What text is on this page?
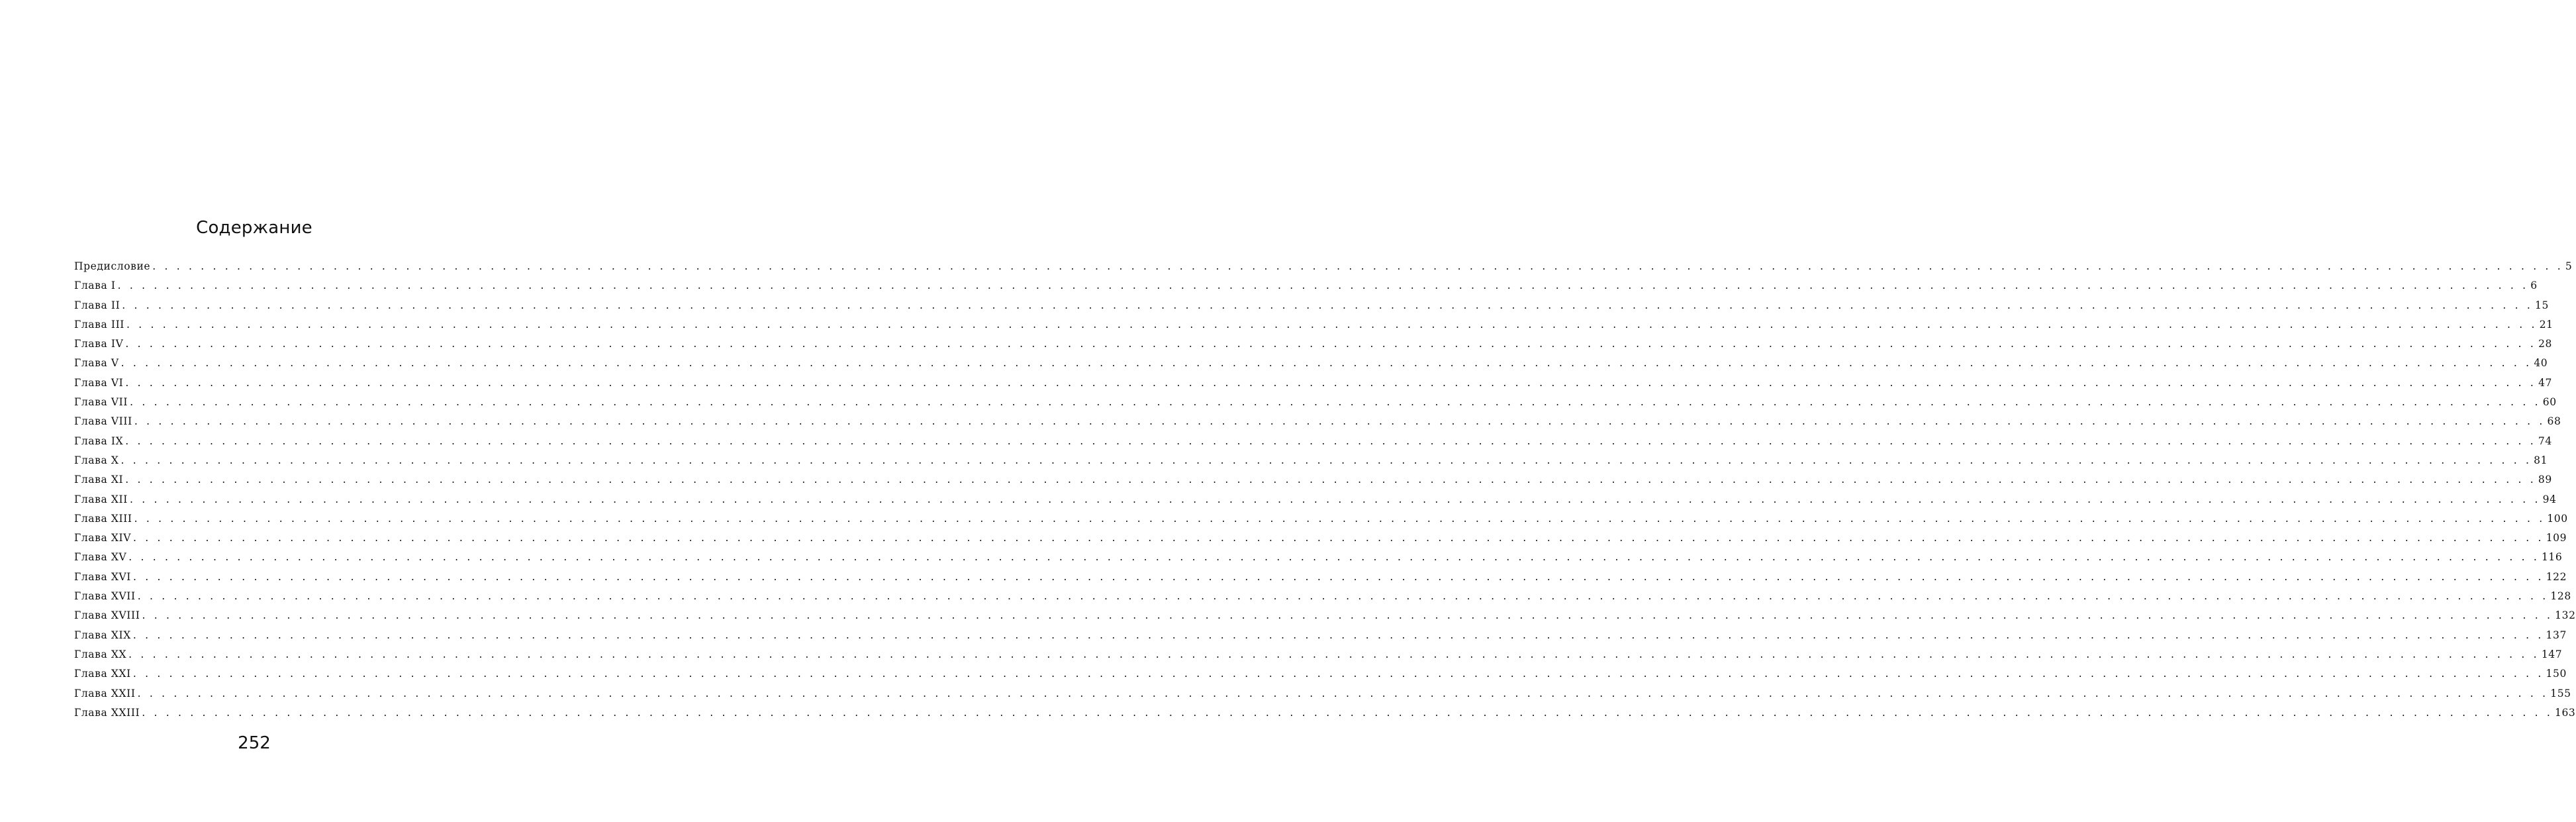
Содержание
Предисловие . . . . . . . . . . . . . . . . . . . . . . . . . . . . . . . . . . . . . . . . . . . . . . . . . . . . . . . . . . . . . . . . . . . . . . . . . . . . . . . . . . . . . . . . . . . . . . . . . . . . . . . . . . . . . . . . . . . . . . . . . . . . . . . . . . . . . . . . . . . . . . . . . . . . . . . . . . . . . . . . . . . . . . . . . . . . . . . . . . . . . . . . . . . . . . . . . . . . . . . . 5
Глава I . . . . . . . . . . . . . . . . . . . . . . . . . . . . . . . . . . . . . . . . . . . . . . . . . . . . . . . . . . . . . . . . . . . . . . . . . . . . . . . . . . . . . . . . . . . . . . . . . . . . . . . . . . . . . . . . . . . . . . . . . . . . . . . . . . . . . . . . . . . . . . . . . . . . . . . . . . . . . . . . . . . . . . . . . . . . . . . . . . . . . . . . . . . . . . . . . . . . . . . . 6
Глава II . . . . . . . . . . . . . . . . . . . . . . . . . . . . . . . . . . . . . . . . . . . . . . . . . . . . . . . . . . . . . . . . . . . . . . . . . . . . . . . . . . . . . . . . . . . . . . . . . . . . . . . . . . . . . . . . . . . . . . . . . . . . . . . . . . . . . . . . . . . . . . . . . . . . . . . . . . . . . . . . . . . . . . . . . . . . . . . . . . . . . . . . . . . . . . . . . . . . . . . . 15
Глава III . . . . . . . . . . . . . . . . . . . . . . . . . . . . . . . . . . . . . . . . . . . . . . . . . . . . . . . . . . . . . . . . . . . . . . . . . . . . . . . . . . . . . . . . . . . . . . . . . . . . . . . . . . . . . . . . . . . . . . . . . . . . . . . . . . . . . . . . . . . . . . . . . . . . . . . . . . . . . . . . . . . . . . . . . . . . . . . . . . . . . . . . . . . . . . . . . . . . . . . . 21
Глава IV . . . . . . . . . . . . . . . . . . . . . . . . . . . . . . . . . . . . . . . . . . . . . . . . . . . . . . . . . . . . . . . . . . . . . . . . . . . . . . . . . . . . . . . . . . . . . . . . . . . . . . . . . . . . . . . . . . . . . . . . . . . . . . . . . . . . . . . . . . . . . . . . . . . . . . . . . . . . . . . . . . . . . . . . . . . . . . . . . . . . . . . . . . . . . . . . . . . . . . . . 28
Глава V . . . . . . . . . . . . . . . . . . . . . . . . . . . . . . . . . . . . . . . . . . . . . . . . . . . . . . . . . . . . . . . . . . . . . . . . . . . . . . . . . . . . . . . . . . . . . . . . . . . . . . . . . . . . . . . . . . . . . . . . . . . . . . . . . . . . . . . . . . . . . . . . . . . . . . . . . . . . . . . . . . . . . . . . . . . . . . . . . . . . . . . . . . . . . . . . . . . . . . . . 40
Глава VI . . . . . . . . . . . . . . . . . . . . . . . . . . . . . . . . . . . . . . . . . . . . . . . . . . . . . . . . . . . . . . . . . . . . . . . . . . . . . . . . . . . . . . . . . . . . . . . . . . . . . . . . . . . . . . . . . . . . . . . . . . . . . . . . . . . . . . . . . . . . . . . . . . . . . . . . . . . . . . . . . . . . . . . . . . . . . . . . . . . . . . . . . . . . . . . . . . . . . . . . 47
Глава VII . . . . . . . . . . . . . . . . . . . . . . . . . . . . . . . . . . . . . . . . . . . . . . . . . . . . . . . . . . . . . . . . . . . . . . . . . . . . . . . . . . . . . . . . . . . . . . . . . . . . . . . . . . . . . . . . . . . . . . . . . . . . . . . . . . . . . . . . . . . . . . . . . . . . . . . . . . . . . . . . . . . . . . . . . . . . . . . . . . . . . . . . . . . . . . . . . . . . . . . . 60
Глава VIII . . . . . . . . . . . . . . . . . . . . . . . . . . . . . . . . . . . . . . . . . . . . . . . . . . . . . . . . . . . . . . . . . . . . . . . . . . . . . . . . . . . . . . . . . . . . . . . . . . . . . . . . . . . . . . . . . . . . . . . . . . . . . . . . . . . . . . . . . . . . . . . . . . . . . . . . . . . . . . . . . . . . . . . . . . . . . . . . . . . . . . . . . . . . . . . . . . . . . . . . 68
Глава IX . . . . . . . . . . . . . . . . . . . . . . . . . . . . . . . . . . . . . . . . . . . . . . . . . . . . . . . . . . . . . . . . . . . . . . . . . . . . . . . . . . . . . . . . . . . . . . . . . . . . . . . . . . . . . . . . . . . . . . . . . . . . . . . . . . . . . . . . . . . . . . . . . . . . . . . . . . . . . . . . . . . . . . . . . . . . . . . . . . . . . . . . . . . . . . . . . . . . . . . . 74
Глава X . . . . . . . . . . . . . . . . . . . . . . . . . . . . . . . . . . . . . . . . . . . . . . . . . . . . . . . . . . . . . . . . . . . . . . . . . . . . . . . . . . . . . . . . . . . . . . . . . . . . . . . . . . . . . . . . . . . . . . . . . . . . . . . . . . . . . . . . . . . . . . . . . . . . . . . . . . . . . . . . . . . . . . . . . . . . . . . . . . . . . . . . . . . . . . . . . . . . . . . . 81
Глава XI . . . . . . . . . . . . . . . . . . . . . . . . . . . . . . . . . . . . . . . . . . . . . . . . . . . . . . . . . . . . . . . . . . . . . . . . . . . . . . . . . . . . . . . . . . . . . . . . . . . . . . . . . . . . . . . . . . . . . . . . . . . . . . . . . . . . . . . . . . . . . . . . . . . . . . . . . . . . . . . . . . . . . . . . . . . . . . . . . . . . . . . . . . . . . . . . . . . . . . . . 89
Глава XII . . . . . . . . . . . . . . . . . . . . . . . . . . . . . . . . . . . . . . . . . . . . . . . . . . . . . . . . . . . . . . . . . . . . . . . . . . . . . . . . . . . . . . . . . . . . . . . . . . . . . . . . . . . . . . . . . . . . . . . . . . . . . . . . . . . . . . . . . . . . . . . . . . . . . . . . . . . . . . . . . . . . . . . . . . . . . . . . . . . . . . . . . . . . . . . . . . . . . . . . 94
Глава XIII . . . . . . . . . . . . . . . . . . . . . . . . . . . . . . . . . . . . . . . . . . . . . . . . . . . . . . . . . . . . . . . . . . . . . . . . . . . . . . . . . . . . . . . . . . . . . . . . . . . . . . . . . . . . . . . . . . . . . . . . . . . . . . . . . . . . . . . . . . . . . . . . . . . . . . . . . . . . . . . . . . . . . . . . . . . . . . . . . . . . . . . . . . . . . . . . . . . . . . . . 100
Глава XIV . . . . . . . . . . . . . . . . . . . . . . . . . . . . . . . . . . . . . . . . . . . . . . . . . . . . . . . . . . . . . . . . . . . . . . . . . . . . . . . . . . . . . . . . . . . . . . . . . . . . . . . . . . . . . . . . . . . . . . . . . . . . . . . . . . . . . . . . . . . . . . . . . . . . . . . . . . . . . . . . . . . . . . . . . . . . . . . . . . . . . . . . . . . . . . . . . . . . . . . . 109
Глава XV . . . . . . . . . . . . . . . . . . . . . . . . . . . . . . . . . . . . . . . . . . . . . . . . . . . . . . . . . . . . . . . . . . . . . . . . . . . . . . . . . . . . . . . . . . . . . . . . . . . . . . . . . . . . . . . . . . . . . . . . . . . . . . . . . . . . . . . . . . . . . . . . . . . . . . . . . . . . . . . . . . . . . . . . . . . . . . . . . . . . . . . . . . . . . . . . . . . . . . . . 116
Глава XVI . . . . . . . . . . . . . . . . . . . . . . . . . . . . . . . . . . . . . . . . . . . . . . . . . . . . . . . . . . . . . . . . . . . . . . . . . . . . . . . . . . . . . . . . . . . . . . . . . . . . . . . . . . . . . . . . . . . . . . . . . . . . . . . . . . . . . . . . . . . . . . . . . . . . . . . . . . . . . . . . . . . . . . . . . . . . . . . . . . . . . . . . . . . . . . . . . . . . . . . . 122
Глава XVII . . . . . . . . . . . . . . . . . . . . . . . . . . . . . . . . . . . . . . . . . . . . . . . . . . . . . . . . . . . . . . . . . . . . . . . . . . . . . . . . . . . . . . . . . . . . . . . . . . . . . . . . . . . . . . . . . . . . . . . . . . . . . . . . . . . . . . . . . . . . . . . . . . . . . . . . . . . . . . . . . . . . . . . . . . . . . . . . . . . . . . . . . . . . . . . . . . . . . . . . 128
Глава XVIII . . . . . . . . . . . . . . . . . . . . . . . . . . . . . . . . . . . . . . . . . . . . . . . . . . . . . . . . . . . . . . . . . . . . . . . . . . . . . . . . . . . . . . . . . . . . . . . . . . . . . . . . . . . . . . . . . . . . . . . . . . . . . . . . . . . . . . . . . . . . . . . . . . . . . . . . . . . . . . . . . . . . . . . . . . . . . . . . . . . . . . . . . . . . . . . . . . . . . . . . 132
Глава XIX . . . . . . . . . . . . . . . . . . . . . . . . . . . . . . . . . . . . . . . . . . . . . . . . . . . . . . . . . . . . . . . . . . . . . . . . . . . . . . . . . . . . . . . . . . . . . . . . . . . . . . . . . . . . . . . . . . . . . . . . . . . . . . . . . . . . . . . . . . . . . . . . . . . . . . . . . . . . . . . . . . . . . . . . . . . . . . . . . . . . . . . . . . . . . . . . . . . . . . . . 137
Глава XX . . . . . . . . . . . . . . . . . . . . . . . . . . . . . . . . . . . . . . . . . . . . . . . . . . . . . . . . . . . . . . . . . . . . . . . . . . . . . . . . . . . . . . . . . . . . . . . . . . . . . . . . . . . . . . . . . . . . . . . . . . . . . . . . . . . . . . . . . . . . . . . . . . . . . . . . . . . . . . . . . . . . . . . . . . . . . . . . . . . . . . . . . . . . . . . . . . . . . . . . 147
Глава XXI . . . . . . . . . . . . . . . . . . . . . . . . . . . . . . . . . . . . . . . . . . . . . . . . . . . . . . . . . . . . . . . . . . . . . . . . . . . . . . . . . . . . . . . . . . . . . . . . . . . . . . . . . . . . . . . . . . . . . . . . . . . . . . . . . . . . . . . . . . . . . . . . . . . . . . . . . . . . . . . . . . . . . . . . . . . . . . . . . . . . . . . . . . . . . . . . . . . . . . . . 150
Глава XXII . . . . . . . . . . . . . . . . . . . . . . . . . . . . . . . . . . . . . . . . . . . . . . . . . . . . . . . . . . . . . . . . . . . . . . . . . . . . . . . . . . . . . . . . . . . . . . . . . . . . . . . . . . . . . . . . . . . . . . . . . . . . . . . . . . . . . . . . . . . . . . . . . . . . . . . . . . . . . . . . . . . . . . . . . . . . . . . . . . . . . . . . . . . . . . . . . . . . . . . . 155
Глава XXIII . . . . . . . . . . . . . . . . . . . . . . . . . . . . . . . . . . . . . . . . . . . . . . . . . . . . . . . . . . . . . . . . . . . . . . . . . . . . . . . . . . . . . . . . . . . . . . . . . . . . . . . . . . . . . . . . . . . . . . . . . . . . . . . . . . . . . . . . . . . . . . . . . . . . . . . . . . . . . . . . . . . . . . . . . . . . . . . . . . . . . . . . . . . . . . . . . . . . . . . . 163
252
